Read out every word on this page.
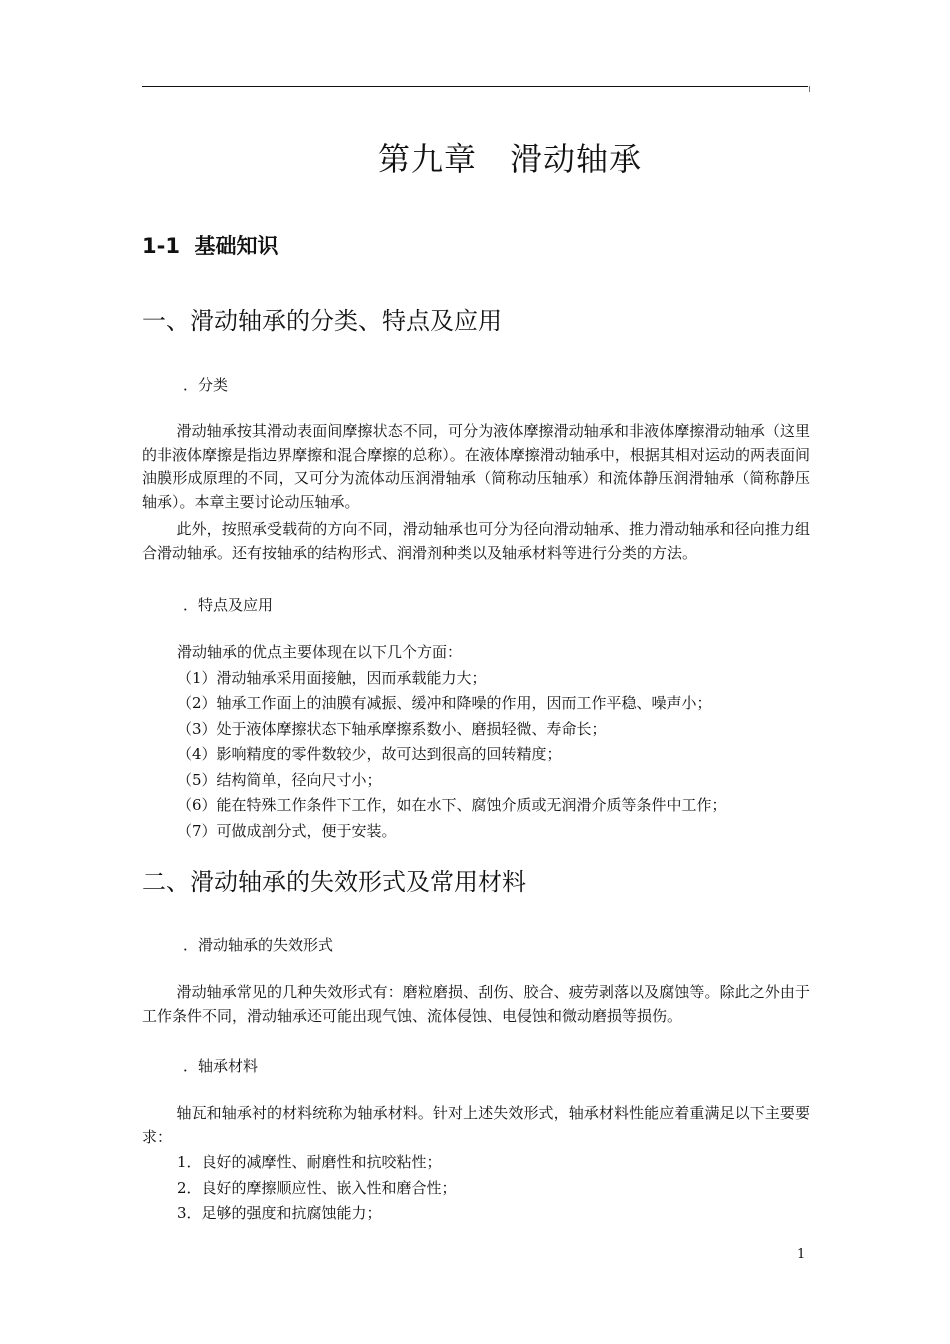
第九章　滑动轴承
1-1  基础知识
一、滑动轴承的分类、特点及应用
．分类
滑动轴承按其滑动表面间摩擦状态不同，可分为液体摩擦滑动轴承和非液体摩擦滑动轴承（这里的非液体摩擦是指边界摩擦和混合摩擦的总称）。在液体摩擦滑动轴承中，根据其相对运动的两表面间油膜形成原理的不同，又可分为流体动压润滑轴承（简称动压轴承）和流体静压润滑轴承（简称静压轴承）。本章主要讨论动压轴承。
此外，按照承受载荷的方向不同，滑动轴承也可分为径向滑动轴承、推力滑动轴承和径向推力组合滑动轴承。还有按轴承的结构形式、润滑剂种类以及轴承材料等进行分类的方法。
．特点及应用
滑动轴承的优点主要体现在以下几个方面：
（1）滑动轴承采用面接触，因而承载能力大；
（2）轴承工作面上的油膜有减振、缓冲和降噪的作用，因而工作平稳、噪声小；
（3）处于液体摩擦状态下轴承摩擦系数小、磨损轻微、寿命长；
（4）影响精度的零件数较少，故可达到很高的回转精度；
（5）结构简单，径向尺寸小；
（6）能在特殊工作条件下工作，如在水下、腐蚀介质或无润滑介质等条件中工作；
（7）可做成剖分式，便于安装。
二、滑动轴承的失效形式及常用材料
．滑动轴承的失效形式
滑动轴承常见的几种失效形式有：磨粒磨损、刮伤、胶合、疲劳剥落以及腐蚀等。除此之外由于工作条件不同，滑动轴承还可能出现气蚀、流体侵蚀、电侵蚀和微动磨损等损伤。
．轴承材料
轴瓦和轴承衬的材料统称为轴承材料。针对上述失效形式，轴承材料性能应着重满足以下主要要求：
1．良好的减摩性、耐磨性和抗咬粘性；
2．良好的摩擦顺应性、嵌入性和磨合性；
3．足够的强度和抗腐蚀能力；
1
